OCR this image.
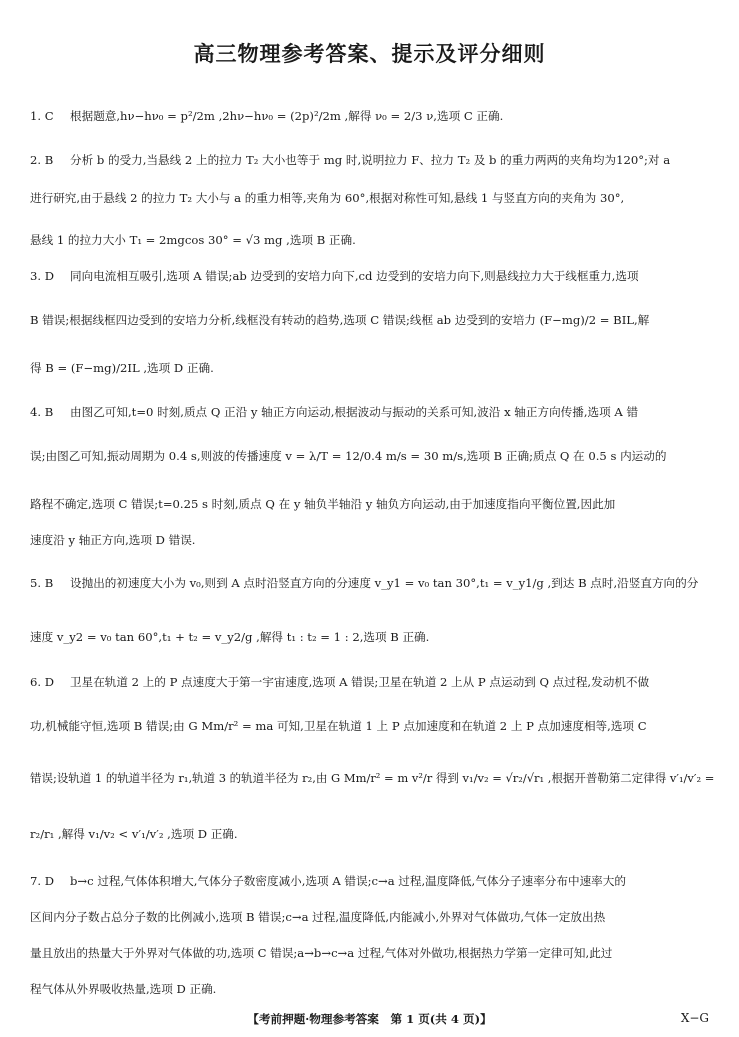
高三物理参考答案、提示及评分细则
1. C 根据题意,hν−hν₀ = p²/2m ,2hν−hν₀ = (2p)²/2m ,解得 ν₀ = 2/3 ν,选项 C 正确.
2. B 分析 b 的受力,当悬线 2 上的拉力 T₂ 大小也等于 mg 时,说明拉力 F、拉力 T₂ 及 b 的重力两两的夹角均为120°;对 a
进行研究,由于悬线 2 的拉力 T₂ 大小与 a 的重力相等,夹角为 60°,根据对称性可知,悬线 1 与竖直方向的夹角为 30°,
悬线 1 的拉力大小 T₁ = 2mgcos 30° = √3 mg ,选项 B 正确.
3. D 同向电流相互吸引,选项 A 错误;ab 边受到的安培力向下,cd 边受到的安培力向下,则悬线拉力大于线框重力,选项
B 错误;根据线框四边受到的安培力分析,线框没有转动的趋势,选项 C 错误;线框 ab 边受到的安培力 (F−mg)/2 = BIL,解
得 B = (F−mg)/2IL ,选项 D 正确.
4. B 由图乙可知,t=0 时刻,质点 Q 正沿 y 轴正方向运动,根据波动与振动的关系可知,波沿 x 轴正方向传播,选项 A 错
误;由图乙可知,振动周期为 0.4 s,则波的传播速度 v = λ/T = 12/0.4 m/s = 30 m/s,选项 B 正确;质点 Q 在 0.5 s 内运动的
路程不确定,选项 C 错误;t=0.25 s 时刻,质点 Q 在 y 轴负半轴沿 y 轴负方向运动,由于加速度指向平衡位置,因此加
速度沿 y 轴正方向,选项 D 错误.
5. B 设抛出的初速度大小为 v₀,则到 A 点时沿竖直方向的分速度 v_y1 = v₀ tan 30°,t₁ = v_y1/g ,到达 B 点时,沿竖直方向的分
速度 v_y2 = v₀ tan 60°,t₁ + t₂ = v_y2/g ,解得 t₁ : t₂ = 1 : 2,选项 B 正确.
6. D 卫星在轨道 2 上的 P 点速度大于第一宇宙速度,选项 A 错误;卫星在轨道 2 上从 P 点运动到 Q 点过程,发动机不做
功,机械能守恒,选项 B 错误;由 G Mm/r² = ma 可知,卫星在轨道 1 上 P 点加速度和在轨道 2 上 P 点加速度相等,选项 C
错误;设轨道 1 的轨道半径为 r₁,轨道 3 的轨道半径为 r₂,由 G Mm/r² = m v²/r 得到 v₁/v₂ = √r₂/√r₁ ,根据开普勒第二定律得 v′₁/v′₂ =
r₂/r₁ ,解得 v₁/v₂ < v′₁/v′₂ ,选项 D 正确.
7. D b→c 过程,气体体积增大,气体分子数密度减小,选项 A 错误;c→a 过程,温度降低,气体分子速率分布中速率大的
区间内分子数占总分子数的比例减小,选项 B 错误;c→a 过程,温度降低,内能减小,外界对气体做功,气体一定放出热
量且放出的热量大于外界对气体做的功,选项 C 错误;a→b→c→a 过程,气体对外做功,根据热力学第一定律可知,此过
程气体从外界吸收热量,选项 D 正确.
【考前押题·物理参考答案　第 1 页(共 4 页)】	X−G
